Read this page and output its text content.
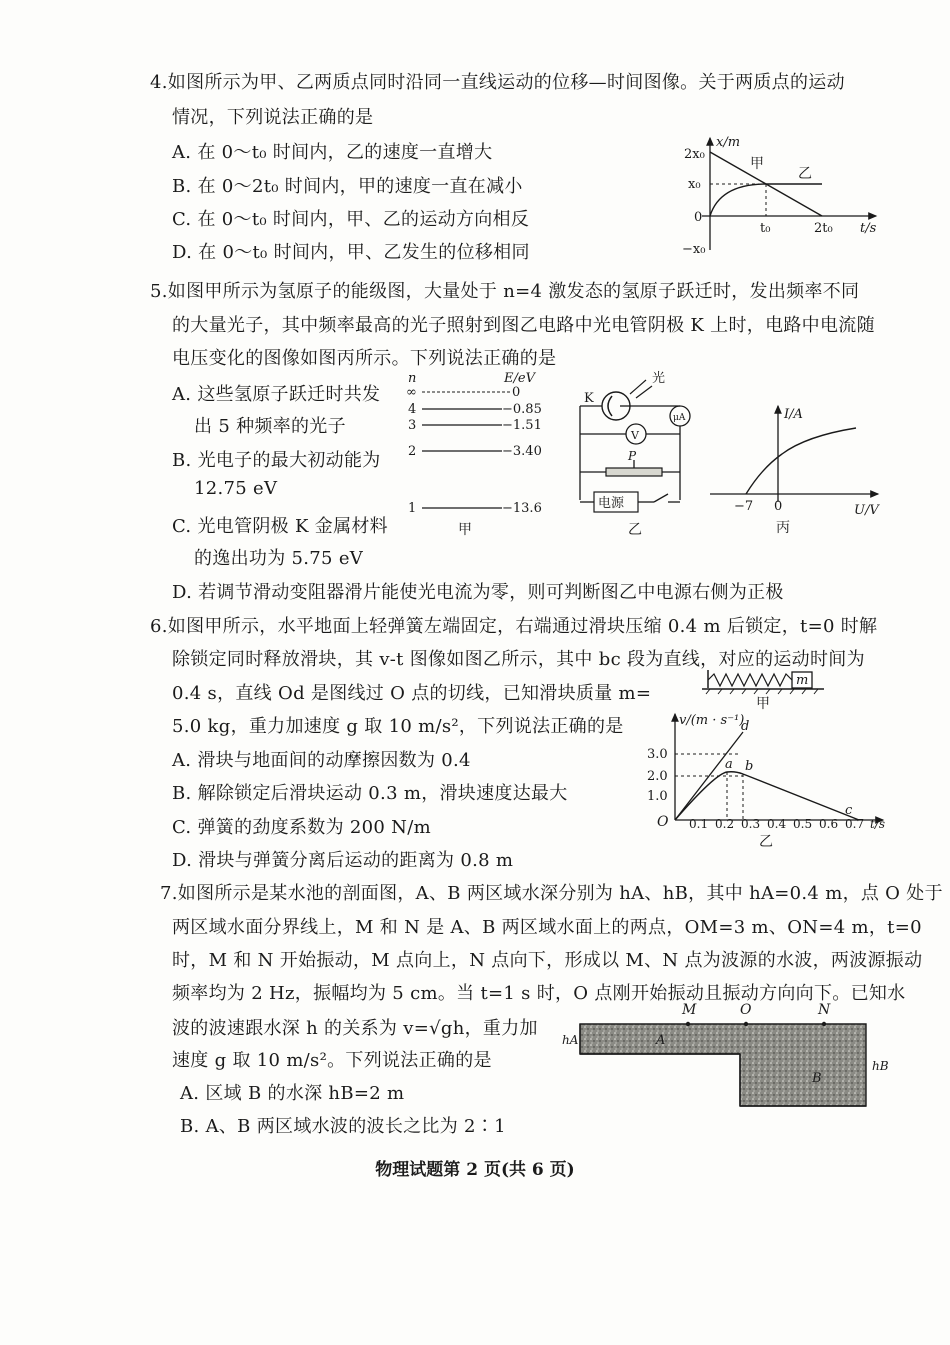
4.如图所示为甲、乙两质点同时沿同一直线运动的位移—时间图像。关于两质点的运动
情况，下列说法正确的是
A. 在 0～t₀ 时间内，乙的速度一直增大
B. 在 0～2t₀ 时间内，甲的速度一直在减小
C. 在 0～t₀ 时间内，甲、乙的运动方向相反
D. 在 0～t₀ 时间内，甲、乙发生的位移相同
x/m
2x₀
x₀
0
−x₀
t₀	2t₀ t/s
甲
乙
5.如图甲所示为氢原子的能级图，大量处于 n=4 激发态的氢原子跃迁时，发出频率不同
的大量光子，其中频率最高的光子照射到图乙电路中光电管阴极 K 上时，电路中电流随
电压变化的图像如图丙所示。下列说法正确的是
A. 这些氢原子跃迁时共发
出 5 种频率的光子
B. 光电子的最大初动能为
12.75 eV
C. 光电管阴极 K 金属材料
的逸出功为 5.75 eV
D. 若调节滑动变阻器滑片能使光电流为零，则可判断图乙中电源右侧为正极
n	E/eV
∞	0
4	−0.85
3	−1.51
2	−3.40
1	−13.6
甲
K
光
μA
V
P
电源
乙
I/A
−7 0	U/V
丙
6.如图甲所示，水平地面上轻弹簧左端固定，右端通过滑块压缩 0.4 m 后锁定，t=0 时解
除锁定同时释放滑块，其 v-t 图像如图乙所示，其中 bc 段为直线，对应的运动时间为
0.4 s，直线 Od 是图线过 O 点的切线，已知滑块质量 m=
5.0 kg，重力加速度 g 取 10 m/s²，下列说法正确的是
A. 滑块与地面间的动摩擦因数为 0.4
B. 解除锁定后滑块运动 0.3 m，滑块速度达最大
C. 弹簧的劲度系数为 200 N/m
D. 滑块与弹簧分离后运动的距离为 0.8 m
m
甲
v/(m · s⁻¹)
3.0
2.0
1.0
O 0.1 0.2 0.3 0.4 0.5 0.6 0.7 t/s
a b
c
d
乙
7.如图所示是某水池的剖面图，A、B 两区域水深分别为 hA、hB，其中 hA=0.4 m，点 O 处于
两区域水面分界线上，M 和 N 是 A、B 两区域水面上的两点，OM=3 m、ON=4 m，t=0
时，M 和 N 开始振动，M 点向上，N 点向下，形成以 M、N 点为波源的水波，两波源振动
频率均为 2 Hz，振幅均为 5 cm。当 t=1 s 时，O 点刚开始振动且振动方向向下。已知水
波的波速跟水深 h 的关系为 v=√gh，重力加
速度 g 取 10 m/s²。下列说法正确的是
A. 区域 B 的水深 hB=2 m
B. A、B 两区域水波的波长之比为 2∶1
M	O	N
A
B
hA
hB
物理试题第 2 页(共 6 页)
